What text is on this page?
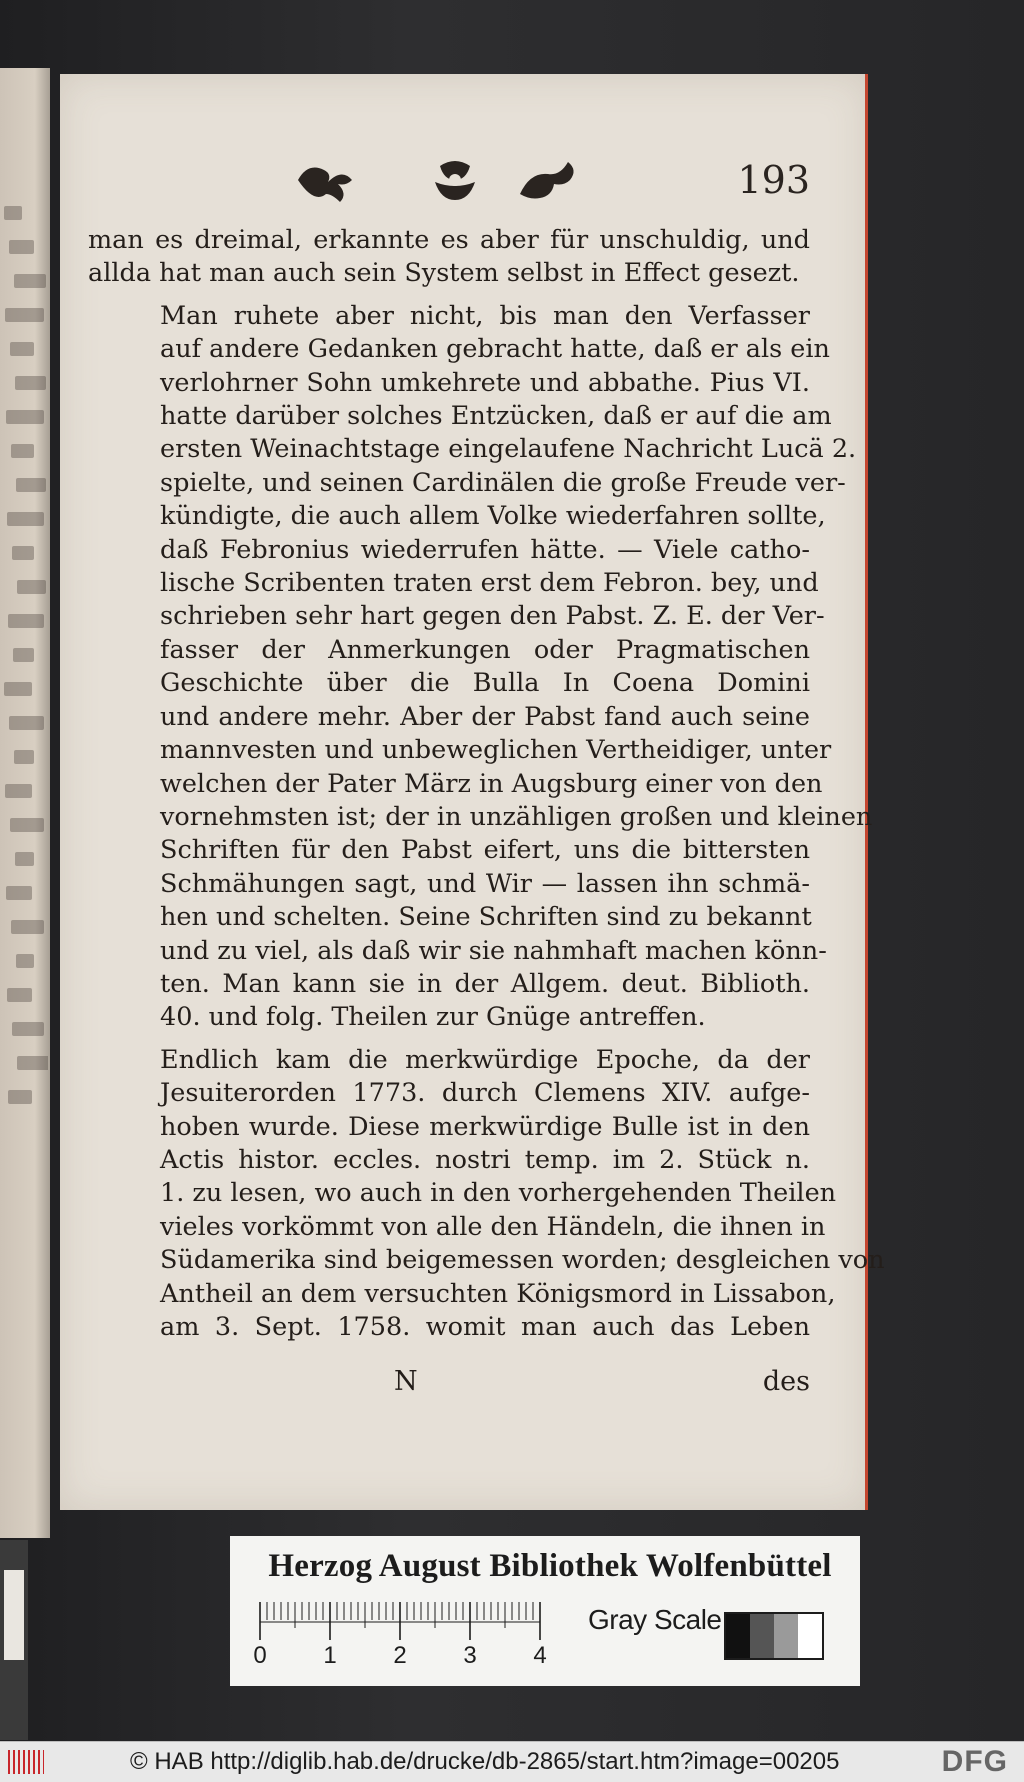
193

man es dreimal, erkannte es aber für unschuldig, und
allda hat man auch sein System selbst in Effect gesezt.

Man ruhete aber nicht, bis man den Verfasser
auf andere Gedanken gebracht hatte, daß er als ein
verlohrner Sohn umkehrete und abbathe. Pius VI.
hatte darüber solches Entzücken, daß er auf die am
ersten Weinachtstage eingelaufene Nachricht Lucä 2.
spielte, und seinen Cardinälen die große Freude ver-
kündigte, die auch allem Volke wiederfahren sollte,
daß Febronius wiederrufen hätte. — Viele catho-
lische Scribenten traten erst dem Febron. bey, und
schrieben sehr hart gegen den Pabst. Z. E. der Ver-
fasser der Anmerkungen oder Pragmatischen
Geschichte über die Bulla In Coena Domini
und andere mehr. Aber der Pabst fand auch seine
mannvesten und unbeweglichen Vertheidiger, unter
welchen der Pater März in Augsburg einer von den
vornehmsten ist; der in unzähligen großen und kleinen
Schriften für den Pabst eifert, uns die bittersten
Schmähungen sagt, und Wir — lassen ihn schmä-
hen und schelten. Seine Schriften sind zu bekannt
und zu viel, als daß wir sie nahmhaft machen könn-
ten. Man kann sie in der Allgem. deut. Biblioth.
40. und folg. Theilen zur Gnüge antreffen.

Endlich kam die merkwürdige Epoche, da der
Jesuiterorden 1773. durch Clemens XIV. aufge-
hoben wurde. Diese merkwürdige Bulle ist in den
Actis histor. eccles. nostri temp. im 2. Stück n.
1. zu lesen, wo auch in den vorhergehenden Theilen
vieles vorkömmt von alle den Händeln, die ihnen in
Südamerika sind beigemessen worden; desgleichen von
Antheil an dem versuchten Königsmord in Lissabon,
am 3. Sept. 1758. womit man auch das Leben

N	des
Herzog August Bibliothek Wolfenbüttel
0 1 2 3 4
Gray Scale
© HAB http://diglib.hab.de/drucke/db-2865/start.htm?image=00205	DFG
